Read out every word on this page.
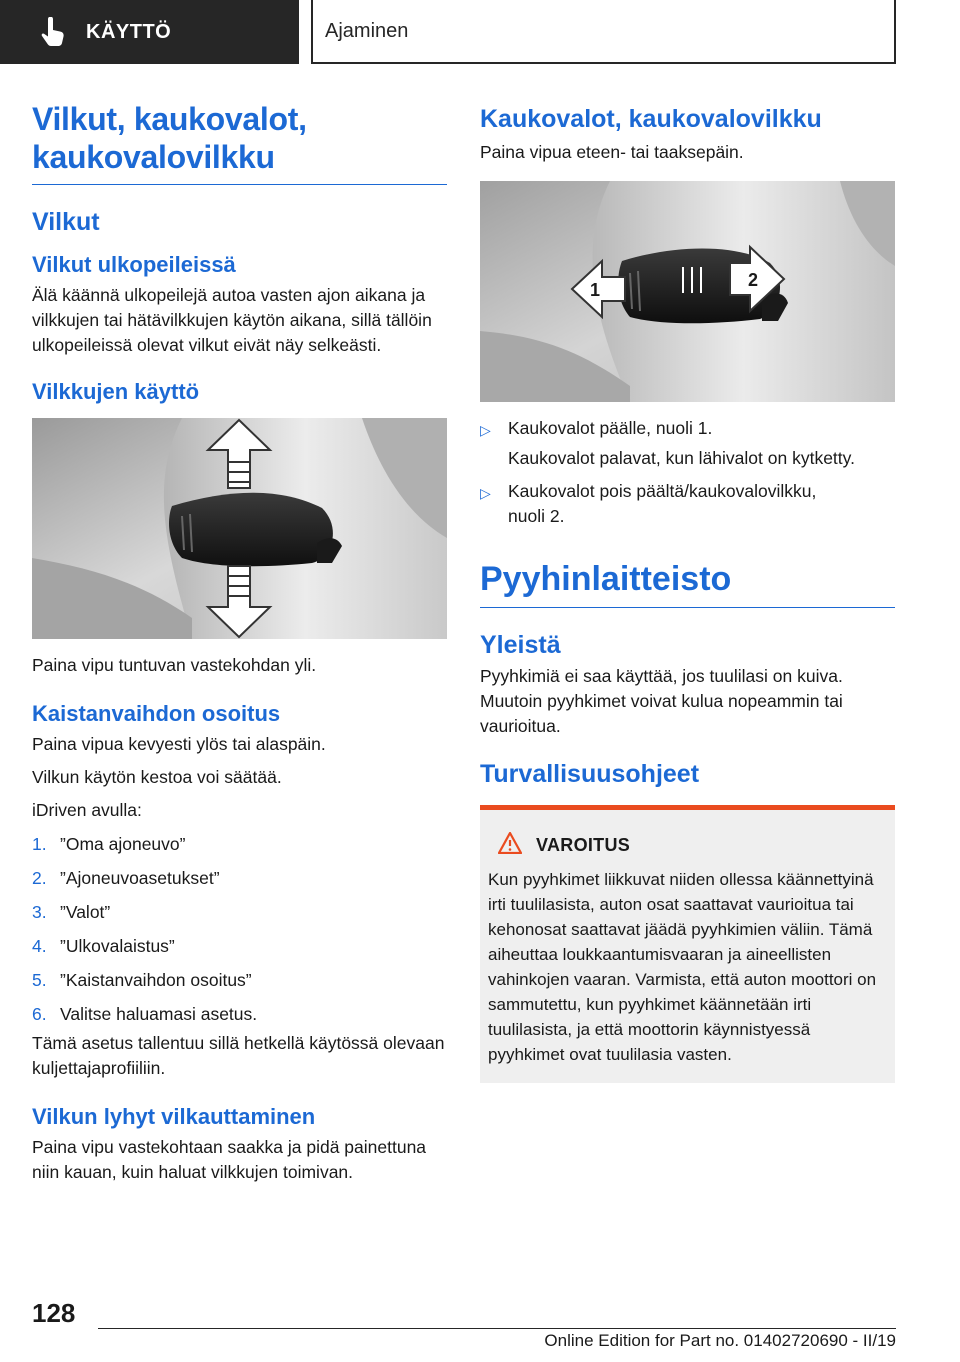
KÄYTTÖ	Ajaminen
Vilkut, kaukovalot, kaukovalovilkku
Vilkut
Vilkut ulkopeileissä

Älä käännä ulkopeilejä autoa vasten ajon aikana ja vilkkujen tai hätävilkkujen käytön aikana, sillä tällöin ulkopeileissä olevat vilkut eivät näy selkeästi.

Vilkkujen käyttö

Paina vipu tuntuvan vastekohdan yli.

Kaistanvaihdon osoitus

Paina vipua kevyesti ylös tai alaspäin.

Vilkun käytön kestoa voi säätää.

iDriven avulla:

1. ”Oma ajoneuvo”
2. ”Ajoneuvoasetukset”
3. ”Valot”
4. ”Ulkovalaistus”
5. ”Kaistanvaihdon osoitus”
6. Valitse haluamasi asetus.

Tämä asetus tallentuu sillä hetkellä käytössä olevaan kuljettajaprofiiliin.

Vilkun lyhyt vilkauttaminen

Paina vipu vastekohtaan saakka ja pidä painettuna niin kauan, kuin haluat vilkkujen toimivan.

Kaukovalot, kaukovalovilkku

Paina vipua eteen- tai taaksepäin.

1	2
▷ Kaukovalot päälle, nuoli 1.
Kaukovalot palavat, kun lähivalot on kytketty.
▷ Kaukovalot pois päältä/kaukovalovilkku, nuoli 2.
Pyyhinlaitteisto
Yleistä

Pyyhkimiä ei saa käyttää, jos tuulilasi on kuiva. Muutoin pyyhkimet voivat kulua nopeammin tai vaurioitua.

Turvallisuusohjeet
VAROITUS

Kun pyyhkimet liikkuvat niiden ollessa käännettyinä irti tuulilasista, auton osat saattavat vaurioitua tai kehonosat saattavat jäädä pyyhkimien väliin. Tämä aiheuttaa loukkaantumisvaaran ja aineellisten vahinkojen vaaran. Varmista, että auton moottori on sammutettu, kun pyyhkimet käännetään irti tuulilasista, ja että moottorin käynnistyessä pyyhkimet ovat tuulilasia vasten.

128
Online Edition for Part no. 01402720690 - II/19
